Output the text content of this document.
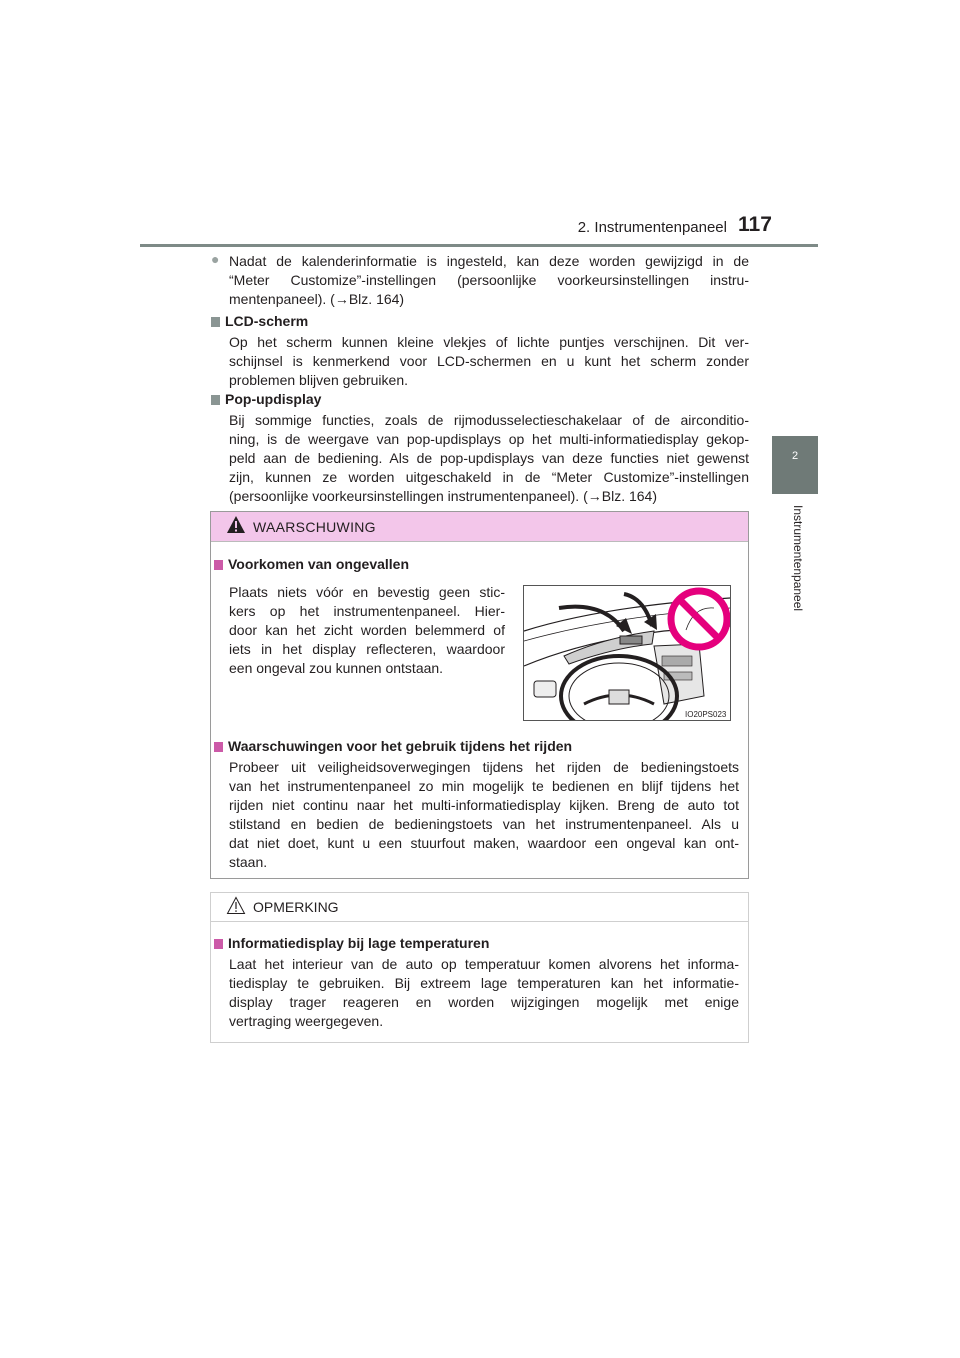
2. Instrumentenpaneel 117
2
Instrumentenpaneel
● Nadat de kalenderinformatie is ingesteld, kan deze worden gewijzigd in de
“Meter Customize”-instellingen (persoonlijke voorkeursinstellingen instru-
mentenpaneel). (→Blz. 164)
LCD-scherm
Op het scherm kunnen kleine vlekjes of lichte puntjes verschijnen. Dit ver-
schijnsel is kenmerkend voor LCD-schermen en u kunt het scherm zonder
problemen blijven gebruiken.
Pop-updisplay
Bij sommige functies, zoals de rijmodusselectieschakelaar of de airconditio-
ning, is de weergave van pop-updisplays op het multi-informatiedisplay gekop-
peld aan de bediening. Als de pop-updisplays van deze functies niet gewenst
zijn, kunnen ze worden uitgeschakeld in de “Meter Customize”-instellingen
(persoonlijke voorkeursinstellingen instrumentenpaneel). (→Blz. 164)
WAARSCHUWING
Voorkomen van ongevallen
Plaats niets vóór en bevestig geen stic-
kers op het instrumentenpaneel. Hier-
door kan het zicht worden belemmerd of
iets in het display reflecteren, waardoor
een ongeval zou kunnen ontstaan.
IO20PS023
Waarschuwingen voor het gebruik tijdens het rijden
Probeer uit veiligheidsoverwegingen tijdens het rijden de bedieningstoets
van het instrumentenpaneel zo min mogelijk te bedienen en blijf tijdens het
rijden niet continu naar het multi-informatiedisplay kijken. Breng de auto tot
stilstand en bedien de bedieningstoets van het instrumentenpaneel. Als u
dat niet doet, kunt u een stuurfout maken, waardoor een ongeval kan ont-
staan.
OPMERKING
Informatiedisplay bij lage temperaturen
Laat het interieur van de auto op temperatuur komen alvorens het informa-
tiedisplay te gebruiken. Bij extreem lage temperaturen kan het informatie-
display trager reageren en worden wijzigingen mogelijk met enige
vertraging weergegeven.
